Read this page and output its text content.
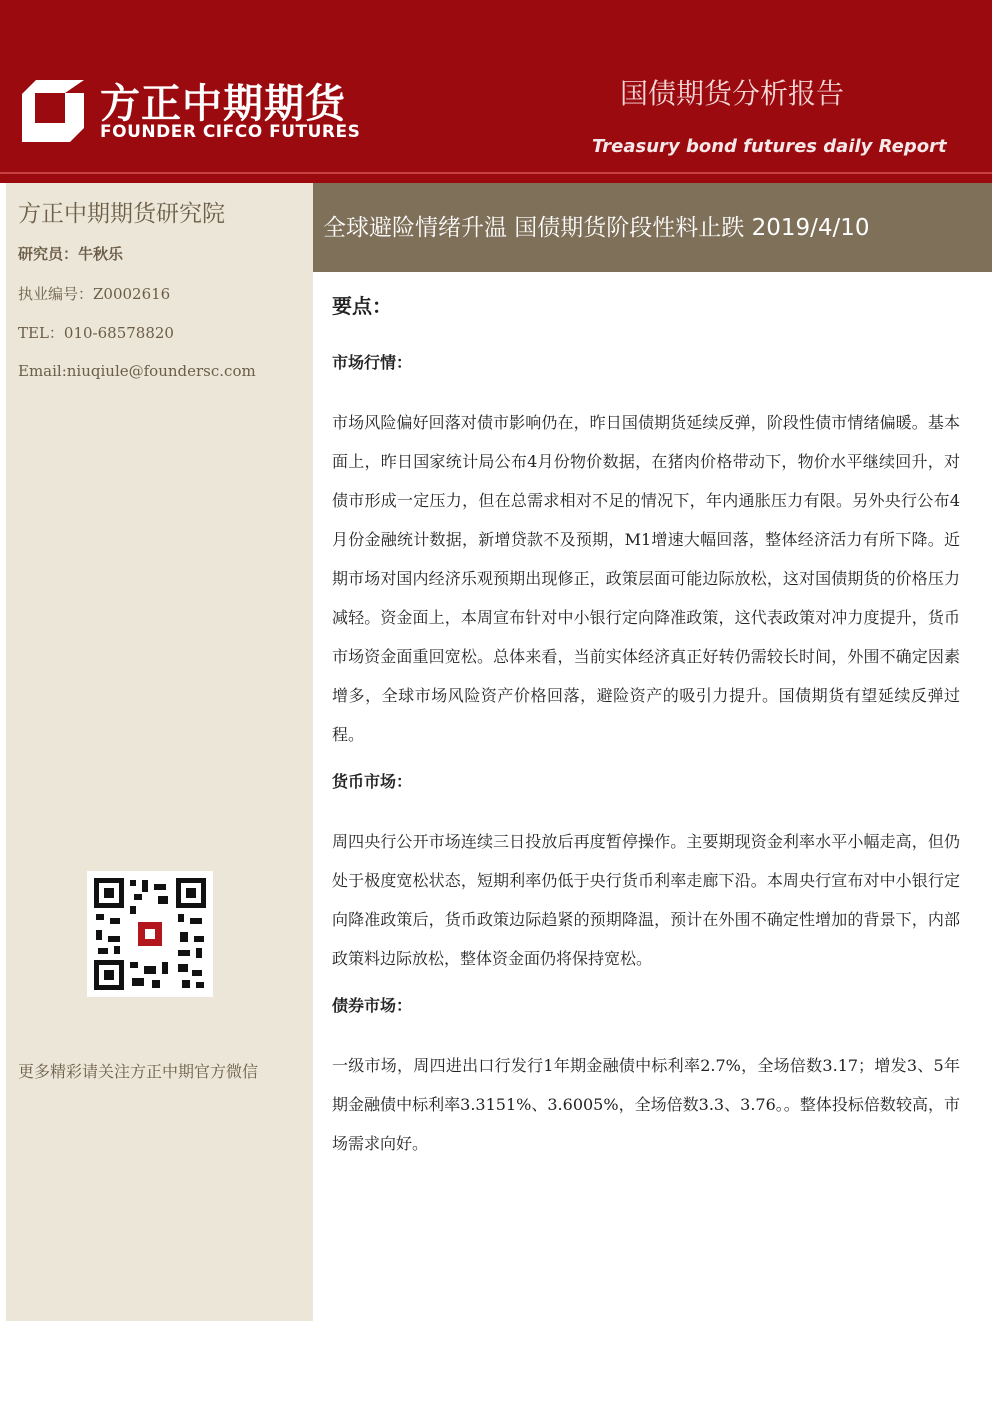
方正中期期货
FOUNDER CIFCO FUTURES
国债期货分析报告
Treasury bond futures daily Report
方正中期期货研究院
研究员：牛秋乐
执业编号：Z0002616
TEL：010-68578820
Email:niuqiule@foundersc.com
更多精彩请关注方正中期官方微信
全球避险情绪升温 国债期货阶段性料止跌 2019/4/10
要点：
市场行情：

市场风险偏好回落对债市影响仍在，昨日国债期货延续反弹，阶段性债市情绪偏暖。基本面上，昨日国家统计局公布4月份物价数据，在猪肉价格带动下，物价水平继续回升，对债市形成一定压力，但在总需求相对不足的情况下，年内通胀压力有限。另外央行公布4月份金融统计数据，新增贷款不及预期，M1增速大幅回落，整体经济活力有所下降。近期市场对国内经济乐观预期出现修正，政策层面可能边际放松，这对国债期货的价格压力减轻。资金面上，本周宣布针对中小银行定向降准政策，这代表政策对冲力度提升，货币市场资金面重回宽松。总体来看，当前实体经济真正好转仍需较长时间，外围不确定因素增多，全球市场风险资产价格回落，避险资产的吸引力提升。国债期货有望延续反弹过程。

货币市场：

周四央行公开市场连续三日投放后再度暂停操作。主要期现资金利率水平小幅走高，但仍处于极度宽松状态，短期利率仍低于央行货币利率走廊下沿。本周央行宣布对中小银行定向降准政策后，货币政策边际趋紧的预期降温，预计在外围不确定性增加的背景下，内部政策料边际放松，整体资金面仍将保持宽松。

债券市场：

一级市场，周四进出口行发行1年期金融债中标利率2.7%，全场倍数3.17；增发3、5年期金融债中标利率3.3151%、3.6005%，全场倍数3.3、3.76。。整体投标倍数较高，市场需求向好。
